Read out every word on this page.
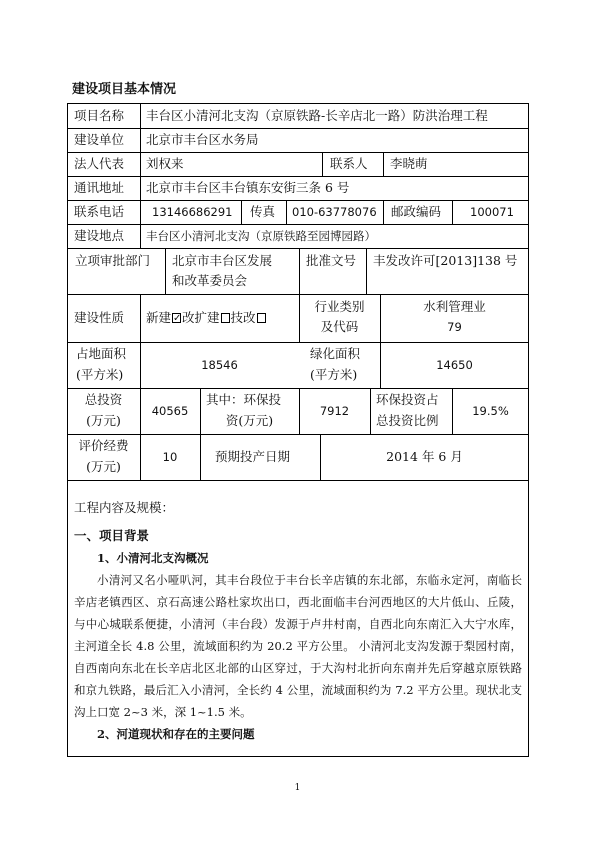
建设项目基本情况
项目名称 丰台区小清河北支沟（京原铁路-长辛店北一路）防洪治理工程
建设单位 北京市丰台区水务局
法人代表 刘权来	联系人 李晓萌
通讯地址 北京市丰台区丰台镇东安街三条 6 号
联系电话 13146686291 传真 010-63778076 邮政编码	100071
建设地点 丰台区小清河北支沟（京原铁路至园博园路）
立项审批部门 北京市丰台区发展
和改革委员会
批准文号 丰发改许可[2013]138 号
建设性质 新建✓ 改扩建 技改
行业类别
及代码
水利管理业
79
占地面积
(平方米)
18546
绿化面积
(平方米)
14650
总投资
(万元)
40565
其中：环保投
资(万元)
7912
环保投资占
总投资比例
19.5%
评价经费
(万元)
10	预期投产日期	2014 年 6 月
工程内容及规模：
一、项目背景
1、小清河北支沟概况
小清河又名小哑叭河，其丰台段位于丰台长辛店镇的东北部，东临永定河，南临长辛店老镇西区、京石高速公路杜家坎出口，西北面临丰台河西地区的大片低山、丘陵，与中心城联系便捷，小清河（丰台段）发源于卢井村南，自西北向东南汇入大宁水库，主河道全长 4.8 公里，流域面积约为 20.2 平方公里。 小清河北支沟发源于梨园村南，自西南向东北在长辛店北区北部的山区穿过，于大沟村北折向东南并先后穿越京原铁路和京九铁路，最后汇入小清河，全长约 4 公里，流域面积约为 7.2 平方公里。现状北支沟上口宽 2~3 米，深 1~1.5 米。
2、河道现状和存在的主要问题
1
